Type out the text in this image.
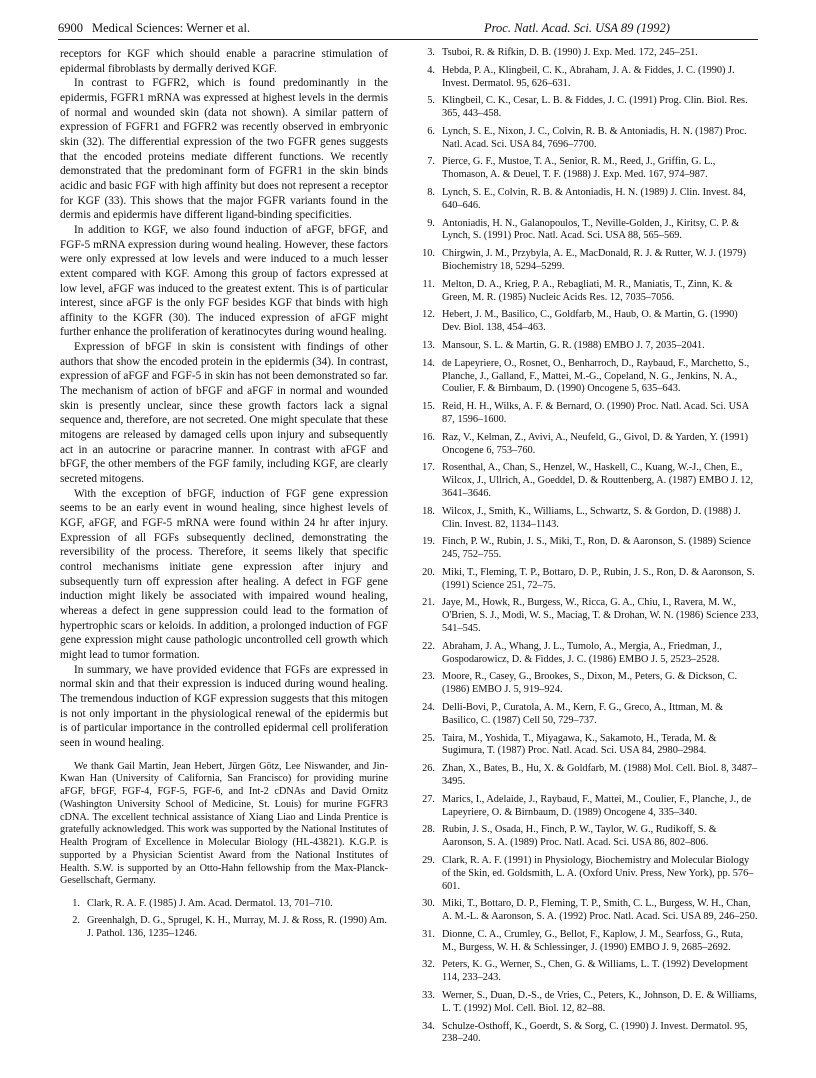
6900 Medical Sciences: Werner et al.	Proc. Natl. Acad. Sci. USA 89 (1992)

receptors for KGF which should enable a paracrine stimulation of epidermal fibroblasts by dermally derived KGF.

In contrast to FGFR2, which is found predominantly in the epidermis, FGFR1 mRNA was expressed at highest levels in the dermis of normal and wounded skin (data not shown). A similar pattern of expression of FGFR1 and FGFR2 was recently observed in embryonic skin (32). The differential expression of the two FGFR genes suggests that the encoded proteins mediate different functions. We recently demonstrated that the predominant form of FGFR1 in the skin binds acidic and basic FGF with high affinity but does not represent a receptor for KGF (33). This shows that the major FGFR variants found in the dermis and epidermis have different ligand-binding specificities.

In addition to KGF, we also found induction of aFGF, bFGF, and FGF-5 mRNA expression during wound healing. However, these factors were only expressed at low levels and were induced to a much lesser extent compared with KGF. Among this group of factors expressed at low level, aFGF was induced to the greatest extent. This is of particular interest, since aFGF is the only FGF besides KGF that binds with high affinity to the KGFR (30). The induced expression of aFGF might further enhance the proliferation of keratinocytes during wound healing.

Expression of bFGF in skin is consistent with findings of other authors that show the encoded protein in the epidermis (34). In contrast, expression of aFGF and FGF-5 in skin has not been demonstrated so far. The mechanism of action of bFGF and aFGF in normal and wounded skin is presently unclear, since these growth factors lack a signal sequence and, therefore, are not secreted. One might speculate that these mitogens are released by damaged cells upon injury and subsequently act in an autocrine or paracrine manner. In contrast with aFGF and bFGF, the other members of the FGF family, including KGF, are clearly secreted mitogens.

With the exception of bFGF, induction of FGF gene expression seems to be an early event in wound healing, since highest levels of KGF, aFGF, and FGF-5 mRNA were found within 24 hr after injury. Expression of all FGFs subsequently declined, demonstrating the reversibility of the process. Therefore, it seems likely that specific control mechanisms initiate gene expression after injury and subsequently turn off expression after healing. A defect in FGF gene induction might likely be associated with impaired wound healing, whereas a defect in gene suppression could lead to the formation of hypertrophic scars or keloids. In addition, a prolonged induction of FGF gene expression might cause pathologic uncontrolled cell growth which might lead to tumor formation.

In summary, we have provided evidence that FGFs are expressed in normal skin and that their expression is induced during wound healing. The tremendous induction of KGF expression suggests that this mitogen is not only important in the physiological renewal of the epidermis but is of particular importance in the controlled epidermal cell proliferation seen in wound healing.

We thank Gail Martin, Jean Hebert, Jürgen Götz, Lee Niswander, and Jin-Kwan Han (University of California, San Francisco) for providing murine aFGF, bFGF, FGF-4, FGF-5, FGF-6, and Int-2 cDNAs and David Ornitz (Washington University School of Medicine, St. Louis) for murine FGFR3 cDNA. The excellent technical assistance of Xiang Liao and Linda Prentice is gratefully acknowledged. This work was supported by the National Institutes of Health Program of Excellence in Molecular Biology (HL-43821). K.G.P. is supported by a Physician Scientist Award from the National Institutes of Health. S.W. is supported by an Otto-Hahn fellowship from the Max-Planck-Gesellschaft, Germany.

1. Clark, R. A. F. (1985) J. Am. Acad. Dermatol. 13, 701–710.
2. Greenhalgh, D. G., Sprugel, K. H., Murray, M. J. & Ross, R. (1990) Am. J. Pathol. 136, 1235–1246.
3. Tsuboi, R. & Rifkin, D. B. (1990) J. Exp. Med. 172, 245–251.
4. Hebda, P. A., Klingbeil, C. K., Abraham, J. A. & Fiddes, J. C. (1990) J. Invest. Dermatol. 95, 626–631.
5. Klingbeil, C. K., Cesar, L. B. & Fiddes, J. C. (1991) Prog. Clin. Biol. Res. 365, 443–458.
6. Lynch, S. E., Nixon, J. C., Colvin, R. B. & Antoniadis, H. N. (1987) Proc. Natl. Acad. Sci. USA 84, 7696–7700.
7. Pierce, G. F., Mustoe, T. A., Senior, R. M., Reed, J., Griffin, G. L., Thomason, A. & Deuel, T. F. (1988) J. Exp. Med. 167, 974–987.
8. Lynch, S. E., Colvin, R. B. & Antoniadis, H. N. (1989) J. Clin. Invest. 84, 640–646.
9. Antoniadis, H. N., Galanopoulos, T., Neville-Golden, J., Kiritsy, C. P. & Lynch, S. (1991) Proc. Natl. Acad. Sci. USA 88, 565–569.
10. Chirgwin, J. M., Przybyla, A. E., MacDonald, R. J. & Rutter, W. J. (1979) Biochemistry 18, 5294–5299.
11. Melton, D. A., Krieg, P. A., Rebagliati, M. R., Maniatis, T., Zinn, K. & Green, M. R. (1985) Nucleic Acids Res. 12, 7035–7056.
12. Hebert, J. M., Basilico, C., Goldfarb, M., Haub, O. & Martin, G. (1990) Dev. Biol. 138, 454–463.
13. Mansour, S. L. & Martin, G. R. (1988) EMBO J. 7, 2035–2041.
14. de Lapeyriere, O., Rosnet, O., Benharroch, D., Raybaud, F., Marchetto, S., Planche, J., Galland, F., Mattei, M.-G., Copeland, N. G., Jenkins, N. A., Coulier, F. & Birnbaum, D. (1990) Oncogene 5, 635–643.
15. Reid, H. H., Wilks, A. F. & Bernard, O. (1990) Proc. Natl. Acad. Sci. USA 87, 1596–1600.
16. Raz, V., Kelman, Z., Avivi, A., Neufeld, G., Givol, D. & Yarden, Y. (1991) Oncogene 6, 753–760.
17. Rosenthal, A., Chan, S., Henzel, W., Haskell, C., Kuang, W.-J., Chen, E., Wilcox, J., Ullrich, A., Goeddel, D. & Routtenberg, A. (1987) EMBO J. 12, 3641–3646.
18. Wilcox, J., Smith, K., Williams, L., Schwartz, S. & Gordon, D. (1988) J. Clin. Invest. 82, 1134–1143.
19. Finch, P. W., Rubin, J. S., Miki, T., Ron, D. & Aaronson, S. (1989) Science 245, 752–755.
20. Miki, T., Fleming, T. P., Bottaro, D. P., Rubin, J. S., Ron, D. & Aaronson, S. (1991) Science 251, 72–75.
21. Jaye, M., Howk, R., Burgess, W., Ricca, G. A., Chiu, I., Ravera, M. W., O'Brien, S. J., Modi, W. S., Maciag, T. & Drohan, W. N. (1986) Science 233, 541–545.
22. Abraham, J. A., Whang, J. L., Tumolo, A., Mergia, A., Friedman, J., Gospodarowicz, D. & Fiddes, J. C. (1986) EMBO J. 5, 2523–2528.
23. Moore, R., Casey, G., Brookes, S., Dixon, M., Peters, G. & Dickson, C. (1986) EMBO J. 5, 919–924.
24. Delli-Bovi, P., Curatola, A. M., Kern, F. G., Greco, A., Ittman, M. & Basilico, C. (1987) Cell 50, 729–737.
25. Taira, M., Yoshida, T., Miyagawa, K., Sakamoto, H., Terada, M. & Sugimura, T. (1987) Proc. Natl. Acad. Sci. USA 84, 2980–2984.
26. Zhan, X., Bates, B., Hu, X. & Goldfarb, M. (1988) Mol. Cell. Biol. 8, 3487–3495.
27. Marics, I., Adelaide, J., Raybaud, F., Mattei, M., Coulier, F., Planche, J., de Lapeyriere, O. & Birnbaum, D. (1989) Oncogene 4, 335–340.
28. Rubin, J. S., Osada, H., Finch, P. W., Taylor, W. G., Rudikoff, S. & Aaronson, S. A. (1989) Proc. Natl. Acad. Sci. USA 86, 802–806.
29. Clark, R. A. F. (1991) in Physiology, Biochemistry and Molecular Biology of the Skin, ed. Goldsmith, L. A. (Oxford Univ. Press, New York), pp. 576–601.
30. Miki, T., Bottaro, D. P., Fleming, T. P., Smith, C. L., Burgess, W. H., Chan, A. M.-L. & Aaronson, S. A. (1992) Proc. Natl. Acad. Sci. USA 89, 246–250.
31. Dionne, C. A., Crumley, G., Bellot, F., Kaplow, J. M., Searfoss, G., Ruta, M., Burgess, W. H. & Schlessinger, J. (1990) EMBO J. 9, 2685–2692.
32. Peters, K. G., Werner, S., Chen, G. & Williams, L. T. (1992) Development 114, 233–243.
33. Werner, S., Duan, D.-S., de Vries, C., Peters, K., Johnson, D. E. & Williams, L. T. (1992) Mol. Cell. Biol. 12, 82–88.
34. Schulze-Osthoff, K., Goerdt, S. & Sorg, C. (1990) J. Invest. Dermatol. 95, 238–240.
